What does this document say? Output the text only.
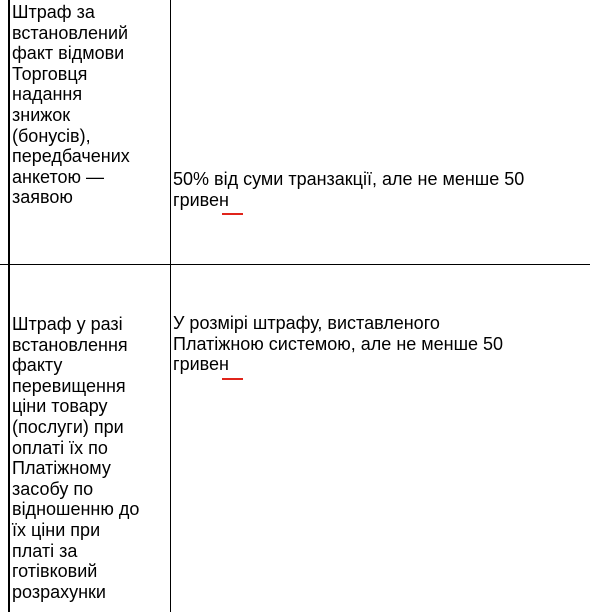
Штраф за
встановлений
факт відмови
Торговця
надання
знижок
(бонусів),
передбачених
анкетою —
заявою

50% від суми транзакції, але не менше 50
гривен

Штраф у разі
встановлення
факту
перевищення
ціни товару
(послуги) при
оплаті їх по
Платіжному
засобу по
відношенню до
їх ціни при
платі за
готівковий
розрахунки

У розмірі штрафу, виставленого
Платіжною системою, але не менше 50
гривен
